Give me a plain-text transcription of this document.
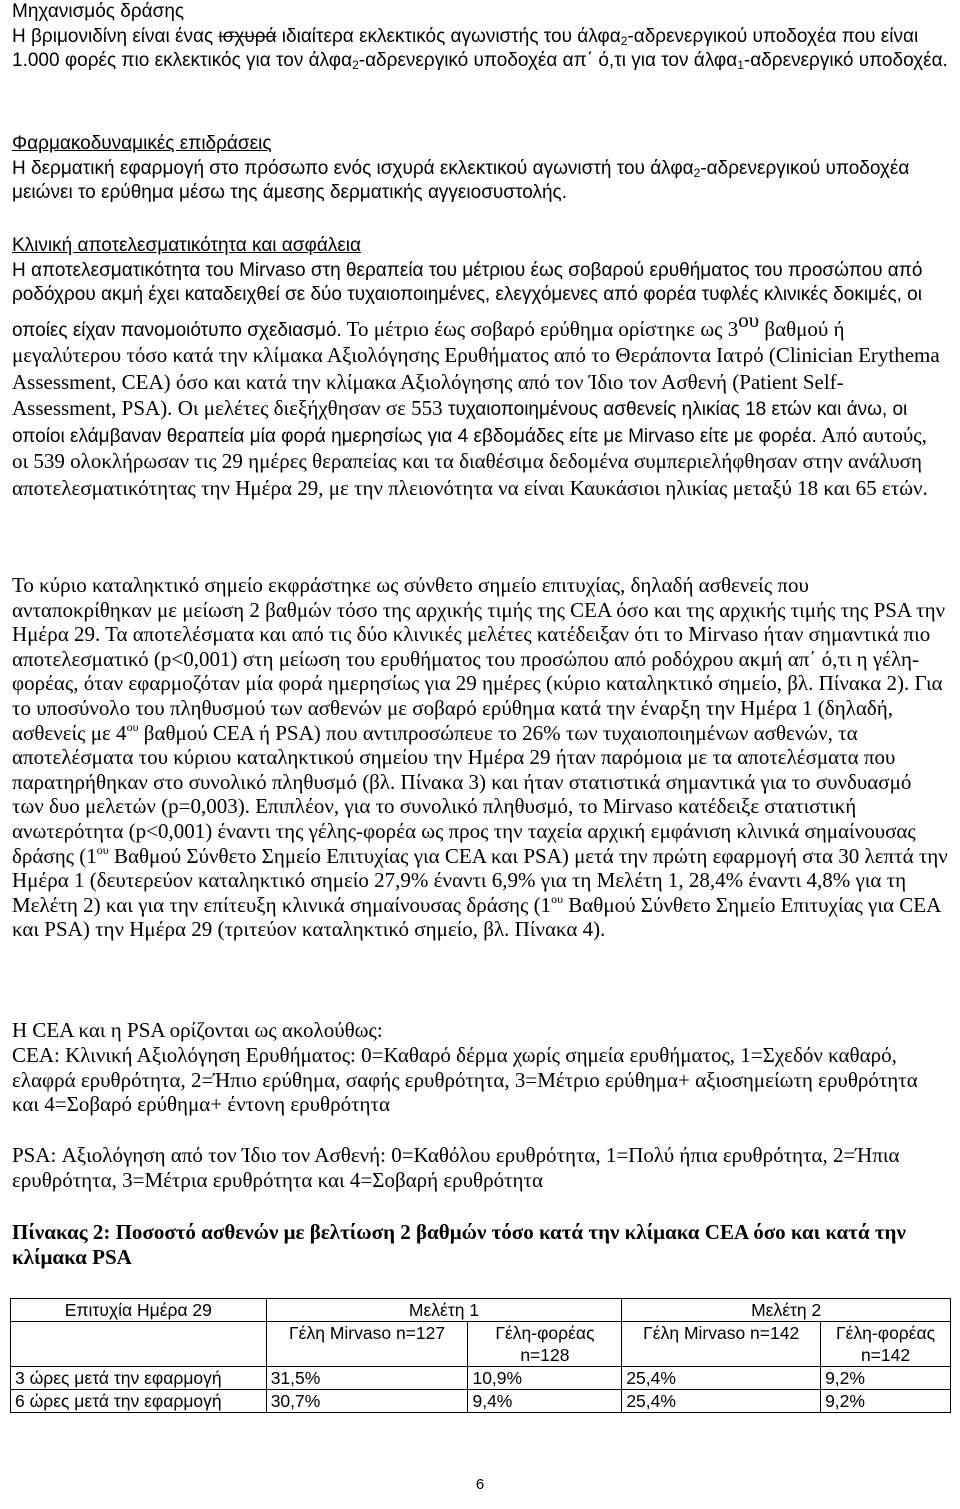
Μηχανισμός δράσης
Η βριμονιδίνη είναι ένας ισχυρά ιδιαίτερα εκλεκτικός αγωνιστής του άλφα$_2$-αδρενεργικού υποδοχέα που είναι 1.000 φορές πιο εκλεκτικός για τον άλφα$_2$-αδρενεργικό υποδοχέα απ΄ ό,τι για τον άλφα$_1$-αδρενεργικό υποδοχέα.
Φαρμακοδυναμικές επιδράσεις
Η δερματική εφαρμογή στο πρόσωπο ενός ισχυρά εκλεκτικού αγωνιστή του άλφα$_2$-αδρενεργικού υποδοχέα μειώνει το ερύθημα μέσω της άμεσης δερματικής αγγειοσυστολής.
Κλινική αποτελεσματικότητα και ασφάλεια
Η αποτελεσματικότητα του Mirvaso στη θεραπεία του μέτριου έως σοβαρού ερυθήματος του προσώπου από ροδόχρου ακμή έχει καταδειχθεί σε δύο τυχαιοποιημένες, ελεγχόμενες από φορέα τυφλές κλινικές δοκιμές, οι οποίες είχαν πανομοιότυπο σχεδιασμό. Το μέτριο έως σοβαρό ερύθημα ορίστηκε ως $3^{o\upsilon}$ βαθμού ή μεγαλύτερου τόσο κατά την κλίμακα Αξιολόγησης Ερυθήματος από το Θεράποντα Ιατρό (Clinician Erythema Assessment, CEA) όσο και κατά την κλίμακα Αξιολόγησης από τον Ίδιο τον Ασθενή (Patient Self-Assessment, PSA). Οι μελέτες διεξήχθησαν σε 553 τυχαιοποιημένους ασθενείς ηλικίας 18 ετών και άνω, οι οποίοι ελάμβαναν θεραπεία μία φορά ημερησίως για 4 εβδομάδες είτε με Mirvaso είτε με φορέα. Από αυτούς, οι 539 ολοκλήρωσαν τις 29 ημέρες θεραπείας και τα διαθέσιμα δεδομένα συμπεριελήφθησαν στην ανάλυση αποτελεσματικότητας την Ημέρα 29, με την πλειονότητα να είναι Καυκάσιοι ηλικίας μεταξύ 18 και 65 ετών.
Το κύριο καταληκτικό σημείο εκφράστηκε ως σύνθετο σημείο επιτυχίας, δηλαδή ασθενείς που ανταποκρίθηκαν με μείωση 2 βαθμών τόσο της αρχικής τιμής της CEA όσο και της αρχικής τιμής της PSA την Ημέρα 29. Τα αποτελέσματα και από τις δύο κλινικές μελέτες κατέδειξαν ότι το Mirvaso ήταν σημαντικά πιο αποτελεσματικό (p<0,001) στη μείωση του ερυθήματος του προσώπου από ροδόχρου ακμή απ΄ ό,τι η γέλη-φορέας, όταν εφαρμοζόταν μία φορά ημερησίως για 29 ημέρες (κύριο καταληκτικό σημείο, βλ. Πίνακα 2). Για το υποσύνολο του πληθυσμού των ασθενών με σοβαρό ερύθημα κατά την έναρξη την Ημέρα 1 (δηλαδή, ασθενείς με $4^{o\upsilon}$ βαθμού CEA ή PSA) που αντιπροσώπευε το 26% των τυχαιοποιημένων ασθενών, τα αποτελέσματα του κύριου καταληκτικού σημείου την Ημέρα 29 ήταν παρόμοια με τα αποτελέσματα που παρατηρήθηκαν στο συνολικό πληθυσμό (βλ. Πίνακα 3) και ήταν στατιστικά σημαντικά για το συνδυασμό των δυο μελετών (p=0,003). Επιπλέον, για το συνολικό πληθυσμό, το Mirvaso κατέδειξε στατιστική ανωτερότητα (p<0,001) έναντι της γέλης-φορέα ως προς την ταχεία αρχική εμφάνιση κλινικά σημαίνουσας δράσης ($1^{o\upsilon}$ Βαθμού Σύνθετο Σημείο Επιτυχίας για CEA και PSA) μετά την πρώτη εφαρμογή στα 30 λεπτά την Ημέρα 1 (δευτερεύον καταληκτικό σημείο 27,9% έναντι 6,9% για τη Μελέτη 1, 28,4% έναντι 4,8% για τη Μελέτη 2) και για την επίτευξη κλινικά σημαίνουσας δράσης ($1^{o\upsilon}$ Βαθμού Σύνθετο Σημείο Επιτυχίας για CEA και PSA) την Ημέρα 29 (τριτεύον καταληκτικό σημείο, βλ. Πίνακα 4).
Η CEA και η PSA ορίζονται ως ακολούθως:
CEA: Κλινική Αξιολόγηση Ερυθήματος: 0=Καθαρό δέρμα χωρίς σημεία ερυθήματος, 1=Σχεδόν καθαρό, ελαφρά ερυθρότητα, 2=Ήπιο ερύθημα, σαφής ερυθρότητα, 3=Μέτριο ερύθημα+ αξιοσημείωτη ερυθρότητα και 4=Σοβαρό ερύθημα+ έντονη ερυθρότητα
PSA: Αξιολόγηση από τον Ίδιο τον Ασθενή: 0=Καθόλου ερυθρότητα, 1=Πολύ ήπια ερυθρότητα, 2=Ήπια ερυθρότητα, 3=Μέτρια ερυθρότητα και 4=Σοβαρή ερυθρότητα
Πίνακας 2: Ποσοστό ασθενών με βελτίωση 2 βαθμών τόσο κατά την κλίμακα CEA όσο και κατά την κλίμακα PSA
Επιτυχία Ημέρα 29	Μελέτη 1		Μελέτη 2	
	Γέλη Mirvaso n=127	Γέλη-φορέας n=128	Γέλη Mirvaso n=142	Γέλη-φορέας n=142
3 ώρες μετά την εφαρμογή	31,5%	10,9%	25,4%	9,2%
6 ώρες μετά την εφαρμογή	30,7%	9,4%	25,4%	9,2%
6
